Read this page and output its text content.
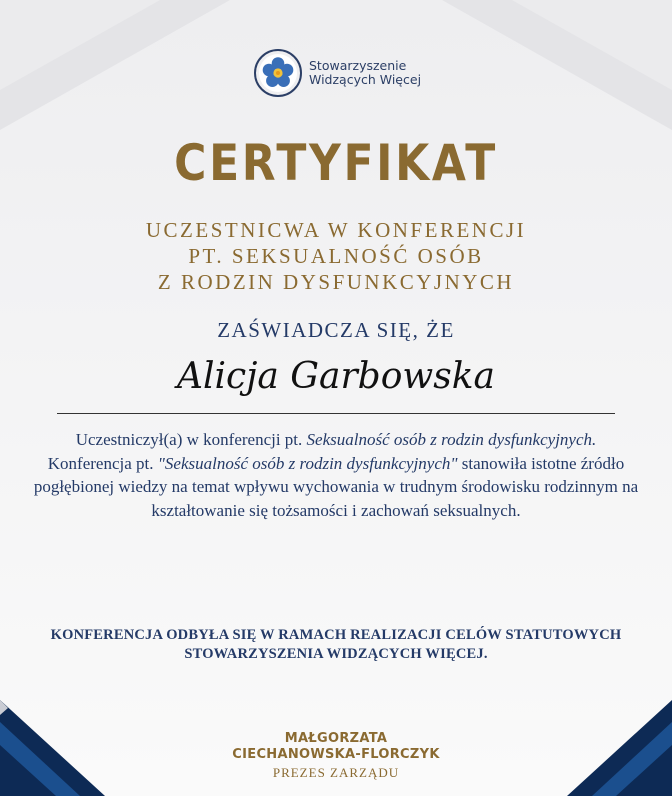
Stowarzyszenie
Widzących Więcej
CERTYFIKAT
UCZESTNICWA W KONFERENCJI
PT. SEKSUALNOŚĆ OSÓB
Z RODZIN DYSFUNKCYJNYCH
ZAŚWIADCZA SIĘ, ŻE
Alicja Garbowska
Uczestniczył(a) w konferencji pt. Seksualność osób z rodzin dysfunkcyjnych.
Konferencja pt. "Seksualność osób z rodzin dysfunkcyjnych" stanowiła istotne źródło pogłębionej wiedzy na temat wpływu wychowania w trudnym środowisku rodzinnym na kształtowanie się tożsamości i zachowań seksualnych.
KONFERENCJA ODBYŁA SIĘ W RAMACH REALIZACJI CELÓW STATUTOWYCH STOWARZYSZENIA WIDZĄCYCH WIĘCEJ.
MAŁGORZATA
CIECHANOWSKA-FLORCZYK
PREZES ZARZĄDU
